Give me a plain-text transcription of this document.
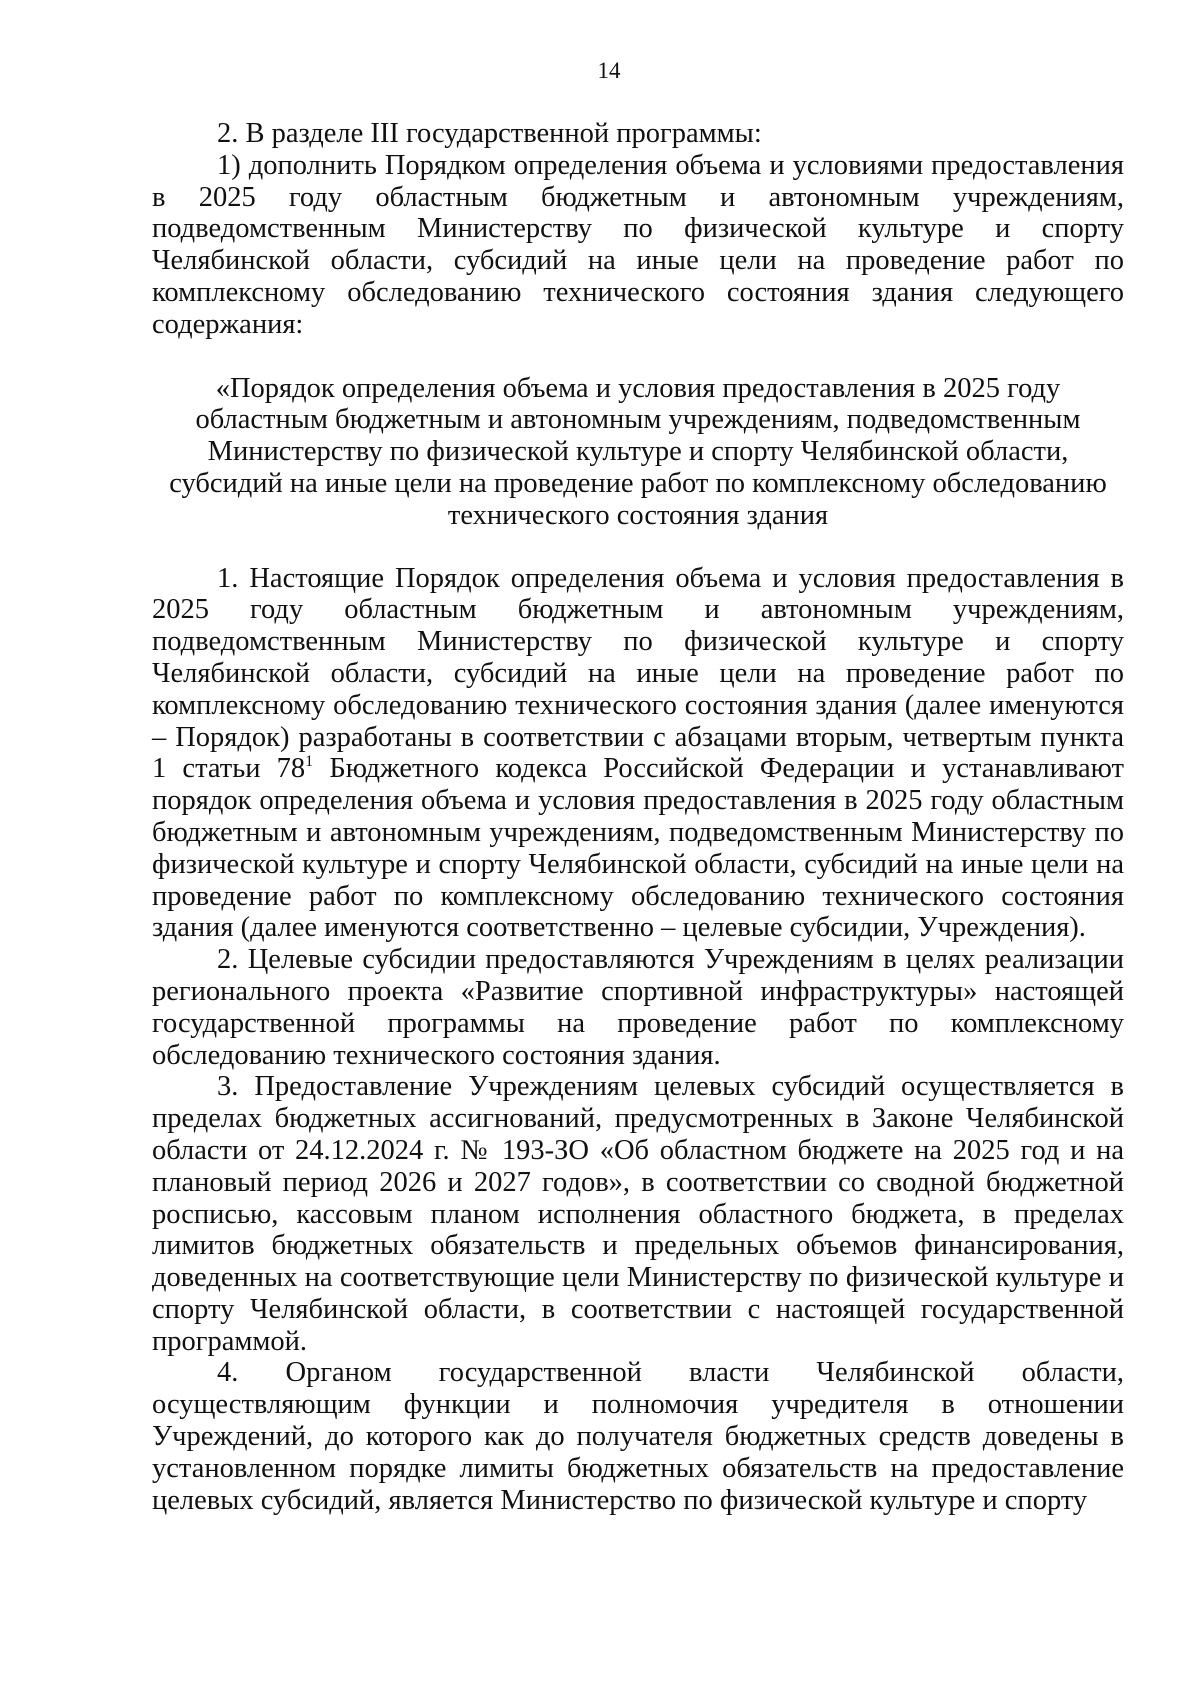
14

2. В разделе III государственной программы:

1) дополнить Порядком определения объема и условиями предоставления в 2025 году областным бюджетным и автономным учреждениям, подведомственным Министерству по физической культуре и спорту Челябинской области, субсидий на иные цели на проведение работ по комплексному обследованию технического состояния здания следующего содержания:

«Порядок определения объема и условия предоставления в 2025 году
областным бюджетным и автономным учреждениям, подведомственным
Министерству по физической культуре и спорту Челябинской области,
субсидий на иные цели на проведение работ по комплексному обследованию
технического состояния здания

1. Настоящие Порядок определения объема и условия предоставления в 2025 году областным бюджетным и автономным учреждениям, подведомственным Министерству по физической культуре и спорту Челябинской области, субсидий на иные цели на проведение работ по комплексному обследованию технического состояния здания (далее именуются – Порядок) разработаны в соответствии с абзацами вторым, четвертым пункта 1 статьи $78^1$ Бюджетного кодекса Российской Федерации и устанавливают порядок определения объема и условия предоставления в 2025 году областным бюджетным и автономным учреждениям, подведомственным Министерству по физической культуре и спорту Челябинской области, субсидий на иные цели на проведение работ по комплексному обследованию технического состояния здания (далее именуются соответственно – целевые субсидии, Учреждения).

2. Целевые субсидии предоставляются Учреждениям в целях реализации регионального проекта «Развитие спортивной инфраструктуры» настоящей государственной программы на проведение работ по комплексному обследованию технического состояния здания.

3. Предоставление Учреждениям целевых субсидий осуществляется в пределах бюджетных ассигнований, предусмотренных в Законе Челябинской области от 24.12.2024 г. № 193-ЗО «Об областном бюджете на 2025 год и на плановый период 2026 и 2027 годов», в соответствии со сводной бюджетной росписью, кассовым планом исполнения областного бюджета, в пределах лимитов бюджетных обязательств и предельных объемов финансирования, доведенных на соответствующие цели Министерству по физической культуре и спорту Челябинской области, в соответствии с настоящей государственной программой.

4. Органом государственной власти Челябинской области, осуществляющим функции и полномочия учредителя в отношении Учреждений, до которого как до получателя бюджетных средств доведены в установленном порядке лимиты бюджетных обязательств на предоставление целевых субсидий, является Министерство по физической культуре и спорту
